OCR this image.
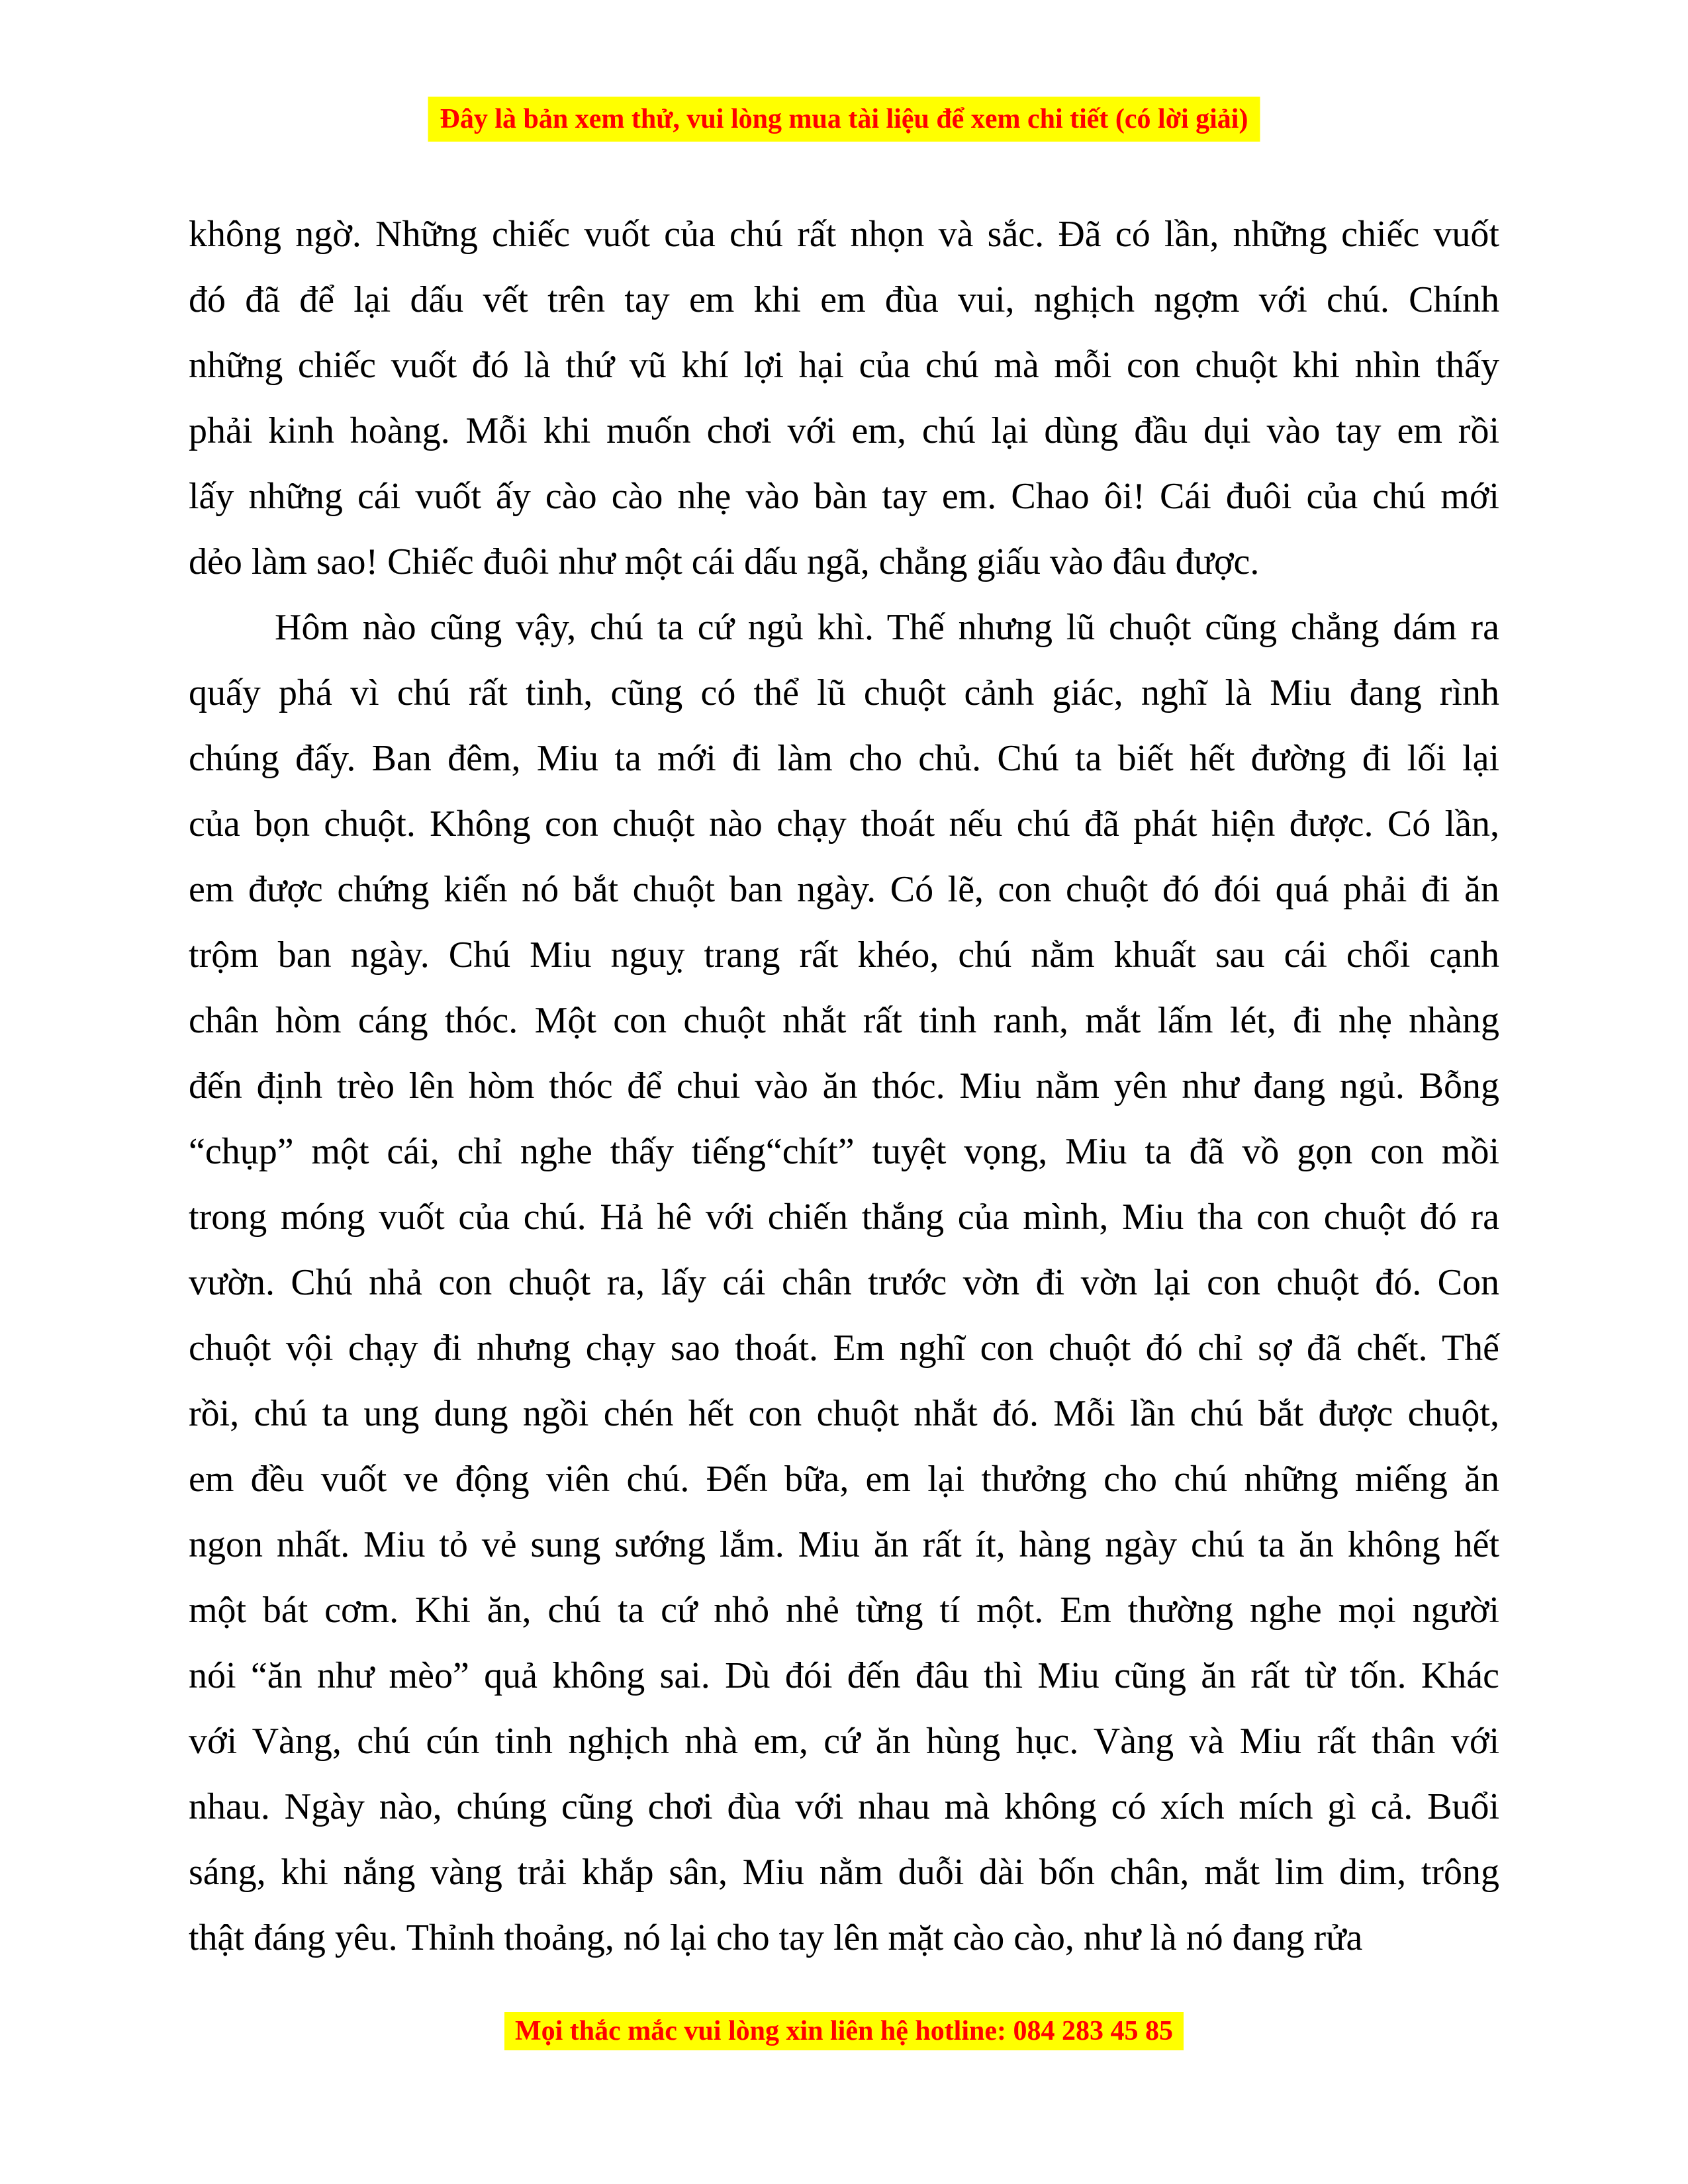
Đây là bản xem thử, vui lòng mua tài liệu để xem chi tiết (có lời giải)
không ngờ. Những chiếc vuốt của chú rất nhọn và sắc. Đã có lần, những chiếc vuốt
đó đã để lại dấu vết trên tay em khi em đùa vui, nghịch ngợm với chú. Chính
những chiếc vuốt đó là thứ vũ khí lợi hại của chú mà mỗi con chuột khi nhìn thấy
phải kinh hoàng. Mỗi khi muốn chơi với em, chú lại dùng đầu dụi vào tay em rồi
lấy những cái vuốt ấy cào cào nhẹ vào bàn tay em. Chao ôi! Cái đuôi của chú mới
dẻo làm sao! Chiếc đuôi như một cái dấu ngã, chẳng giấu vào đâu được.
Hôm nào cũng vậy, chú ta cứ ngủ khì. Thế nhưng lũ chuột cũng chẳng dám ra
quấy phá vì chú rất tinh, cũng có thể lũ chuột cảnh giác, nghĩ là Miu đang rình
chúng đấy. Ban đêm, Miu ta mới đi làm cho chủ. Chú ta biết hết đường đi lối lại
của bọn chuột. Không con chuột nào chạy thoát nếu chú đã phát hiện được. Có lần,
em được chứng kiến nó bắt chuột ban ngày. Có lẽ, con chuột đó đói quá phải đi ăn
trộm ban ngày. Chú Miu nguỵ trang rất khéo, chú nằm khuất sau cái chổi cạnh
chân hòm cáng thóc. Một con chuột nhắt rất tinh ranh, mắt lấm lét, đi nhẹ nhàng
đến định trèo lên hòm thóc để chui vào ăn thóc. Miu nằm yên như đang ngủ. Bỗng
“chụp” một cái, chỉ nghe thấy tiếng“chít” tuyệt vọng, Miu ta đã vồ gọn con mồi
trong móng vuốt của chú. Hả hê với chiến thắng của mình, Miu tha con chuột đó ra
vườn. Chú nhả con chuột ra, lấy cái chân trước vờn đi vờn lại con chuột đó. Con
chuột vội chạy đi nhưng chạy sao thoát. Em nghĩ con chuột đó chỉ sợ đã chết. Thế
rồi, chú ta ung dung ngồi chén hết con chuột nhắt đó. Mỗi lần chú bắt được chuột,
em đều vuốt ve động viên chú. Đến bữa, em lại thưởng cho chú những miếng ăn
ngon nhất. Miu tỏ vẻ sung sướng lắm. Miu ăn rất ít, hàng ngày chú ta ăn không hết
một bát cơm. Khi ăn, chú ta cứ nhỏ nhẻ từng tí một. Em thường nghe mọi người
nói “ăn như mèo” quả không sai. Dù đói đến đâu thì Miu cũng ăn rất từ tốn. Khác
với Vàng, chú cún tinh nghịch nhà em, cứ ăn hùng hục. Vàng và Miu rất thân với
nhau. Ngày nào, chúng cũng chơi đùa với nhau mà không có xích mích gì cả. Buổi
sáng, khi nắng vàng trải khắp sân, Miu nằm duỗi dài bốn chân, mắt lim dim, trông
thật đáng yêu. Thỉnh thoảng, nó lại cho tay lên mặt cào cào, như là nó đang rửa
Mọi thắc mắc vui lòng xin liên hệ hotline: 084 283 45 85
